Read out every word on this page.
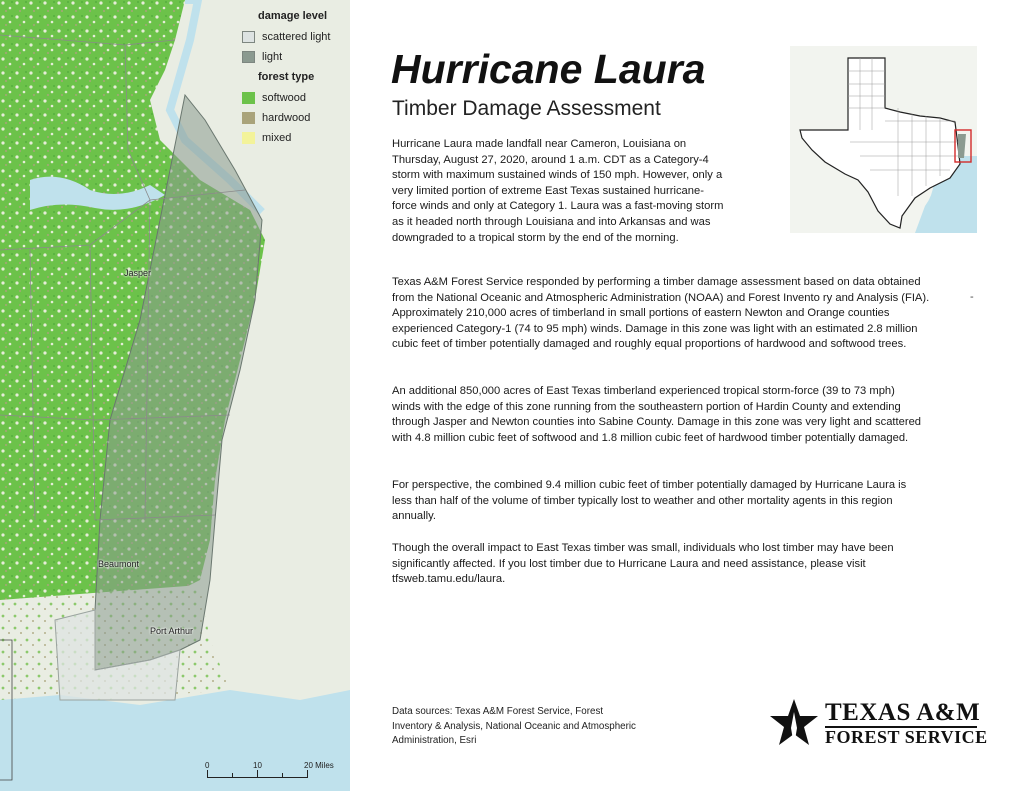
damage level
scattered light
light
forest type
softwood
hardwood
mixed
Jasper
Beaumont
Port Arthur
0	10	20 Miles
Hurricane Laura
Timber Damage Assessment

Hurricane Laura made landfall near Cameron, Louisiana on Thursday, August 27, 2020, around 1 a.m. CDT as a Category-4 storm with maximum sustained winds of 150 mph. However, only a very limited portion of extreme East Texas sustained hurricane-force winds and only at Category 1. Laura was a fast-moving storm as it headed north through Louisiana and into Arkansas and was downgraded to a tropical storm by the end of the morning.

Texas A&M Forest Service responded by performing a timber damage assessment based on data obtained from the National Oceanic and Atmospheric Administration (NOAA) and Forest Invento ry and Analysis (FIA). Approximately 210,000 acres of timberland in small portions of eastern Newton and Orange counties experienced Category-1 (74 to 95 mph) winds. Damage in this zone was light with an estimated 2.8 million cubic feet of timber potentially damaged and roughly equal proportions of hardwood and softwood trees.

-

An additional 850,000 acres of East Texas timberland experienced tropical storm-force (39 to 73 mph) winds with the edge of this zone running from the southeastern portion of Hardin County and extending through Jasper and Newton counties into Sabine County. Damage in this zone was very light and scattered with 4.8 million cubic feet of softwood and 1.8 million cubic feet of hardwood timber potentially damaged.

For perspective, the combined 9.4 million cubic feet of timber potentially damaged by Hurricane Laura is less than half of the volume of timber typically lost to weather and other mortality agents in this region annually.

Though the overall impact to East Texas timber was small, individuals who lost timber may have been significantly affected. If you lost timber due to Hurricane Laura and need assistance, please visit tfsweb.tamu.edu/laura.

Data sources: Texas A&M Forest Service, Forest Inventory & Analysis, National Oceanic and Atmospheric Administration, Esri

TEXAS A&M
FOREST SERVICE
